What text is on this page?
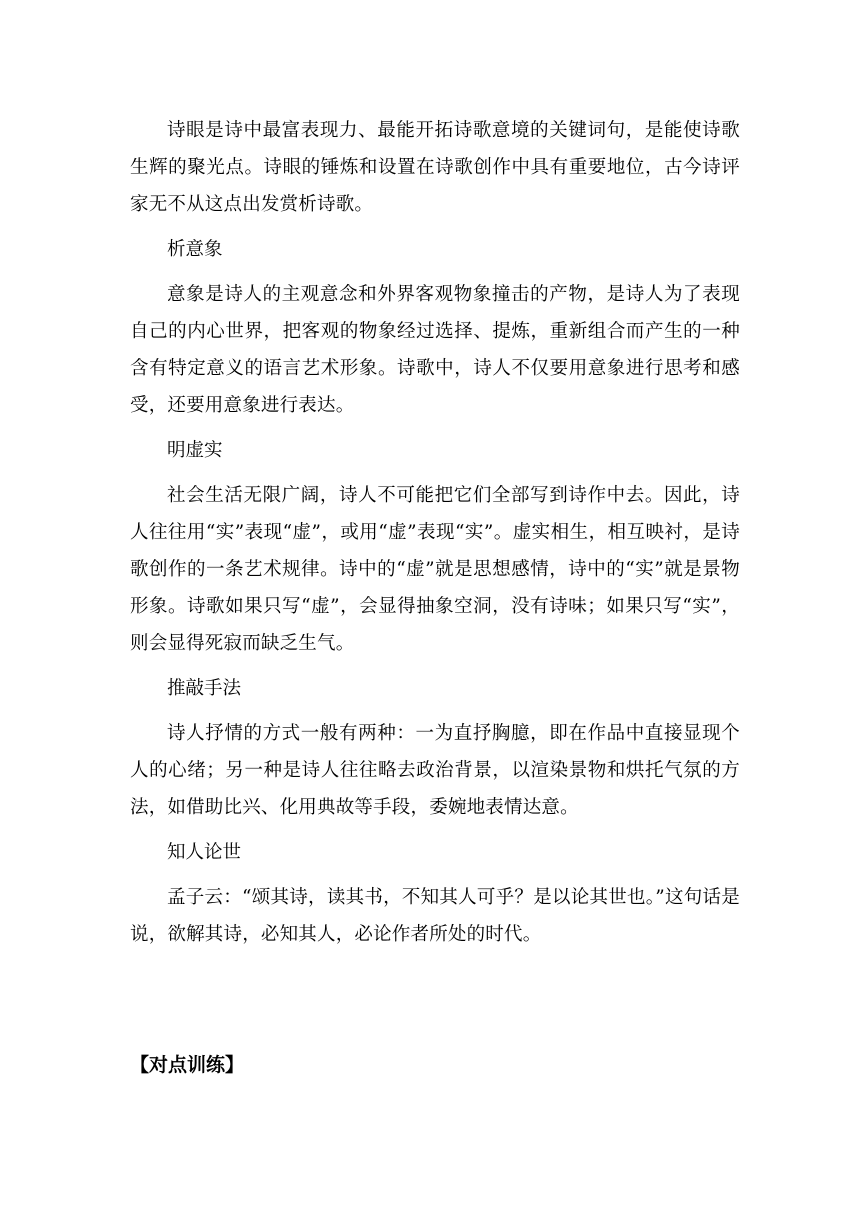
诗眼是诗中最富表现力、最能开拓诗歌意境的关键词句，是能使诗歌生辉的聚光点。诗眼的锤炼和设置在诗歌创作中具有重要地位，古今诗评家无不从这点出发赏析诗歌。

析意象

意象是诗人的主观意念和外界客观物象撞击的产物，是诗人为了表现自己的内心世界，把客观的物象经过选择、提炼，重新组合而产生的一种含有特定意义的语言艺术形象。诗歌中，诗人不仅要用意象进行思考和感受，还要用意象进行表达。

明虚实

社会生活无限广阔，诗人不可能把它们全部写到诗作中去。因此，诗人往往用“实”表现“虚”，或用“虚”表现“实”。虚实相生，相互映衬，是诗歌创作的一条艺术规律。诗中的“虚”就是思想感情，诗中的“实”就是景物形象。诗歌如果只写“虚”，会显得抽象空洞，没有诗味；如果只写“实”，则会显得死寂而缺乏生气。

推敲手法

诗人抒情的方式一般有两种：一为直抒胸臆，即在作品中直接显现个人的心绪；另一种是诗人往往略去政治背景，以渲染景物和烘托气氛的方法，如借助比兴、化用典故等手段，委婉地表情达意。

知人论世

孟子云：“颂其诗，读其书，不知其人可乎？是以论其世也。”这句话是说，欲解其诗，必知其人，必论作者所处的时代。

【对点训练】
